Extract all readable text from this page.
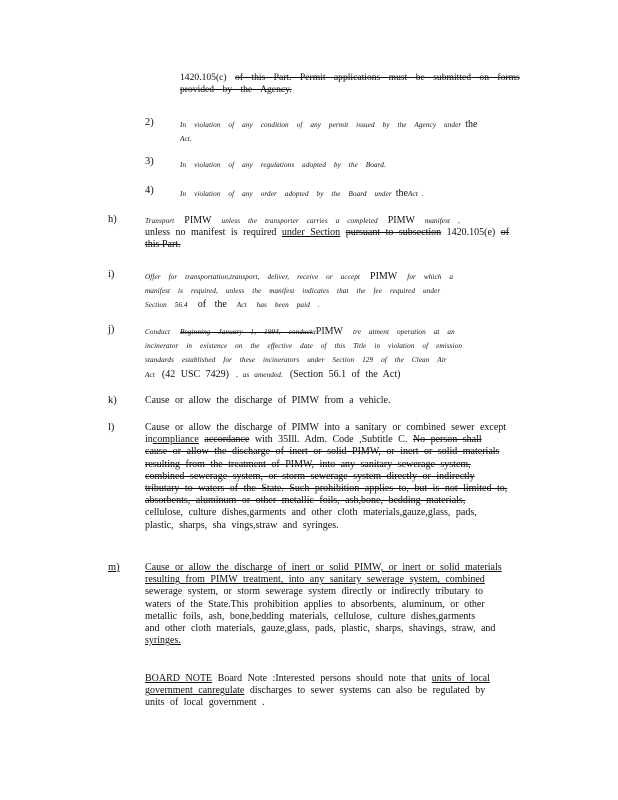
1420.105(c) of this Part. Permit applications must be submitted on forms
provided by the Agency.
2)	In violation of any condition of any permit issued by the Agency under the
Act.
3)	In violation of any regulations adopted by the Board.
4)	In violation of any order adopted by the Board under theAct .
h)	Transport PIMW unless the transporter carries a completed PIMW manifest ,
unless no manifest is required under Section pursuant to subsection 1420.105(e) of
this Part.
i)	Offer for transportation,transport, deliver, receive or accept PIMW for which a
manifest is required, unless the manifest indicates that the fee required under
Section 56.4 of the Act has been paid .
j)	Conduct Beginning January 1, 1994, conductaPIMW tre atment operation at an
incinerator in existence on the effective date of this Title in violation of emission
standards established for these incinerators under Section 129 of the Clean Air
Act (42 USC 7429) , as amended. (Section 56.1 of the Act)
k)	Cause or allow the discharge of PIMW from a vehicle.
l)	Cause or allow the discharge of PIMW into a sanitary or combined sewer except
incompliance accordance with 35Ill. Adm. Code ,Subtitle C. No person shall
cause or allow the discharge of inert or solid PIMW, or inert or solid materials
resulting from the treatment of PIMW, into any sanitary sewerage system,
combined sewerage system, or storm sewerage system directly or indirectly
tributary to waters of the State. Such prohibition applies to, but is not limited to,
absorbents, aluminum or other metallic foils, ash,bone, bedding materials,
cellulose, culture dishes,garments and other cloth materials,gauze,glass, pads,
plastic, sharps, sha vings,straw and syringes.
m)	Cause or allow the discharge of inert or solid PIMW, or inert or solid materials
resulting from PIMW treatment, into any sanitary sewerage system, combined
sewerage system, or storm sewerage system directly or indirectly tributary to
waters of the State.This prohibition applies to absorbents, aluminum, or other
metallic foils, ash, bone,bedding materials, cellulose, culture dishes,garments
and other cloth materials, gauze,glass, pads, plastic, sharps, shavings, straw, and
syringes.
BOARD NOTE Board Note :Interested persons should note that units of local
government canregulate discharges to sewer systems can also be regulated by
units of local government .
